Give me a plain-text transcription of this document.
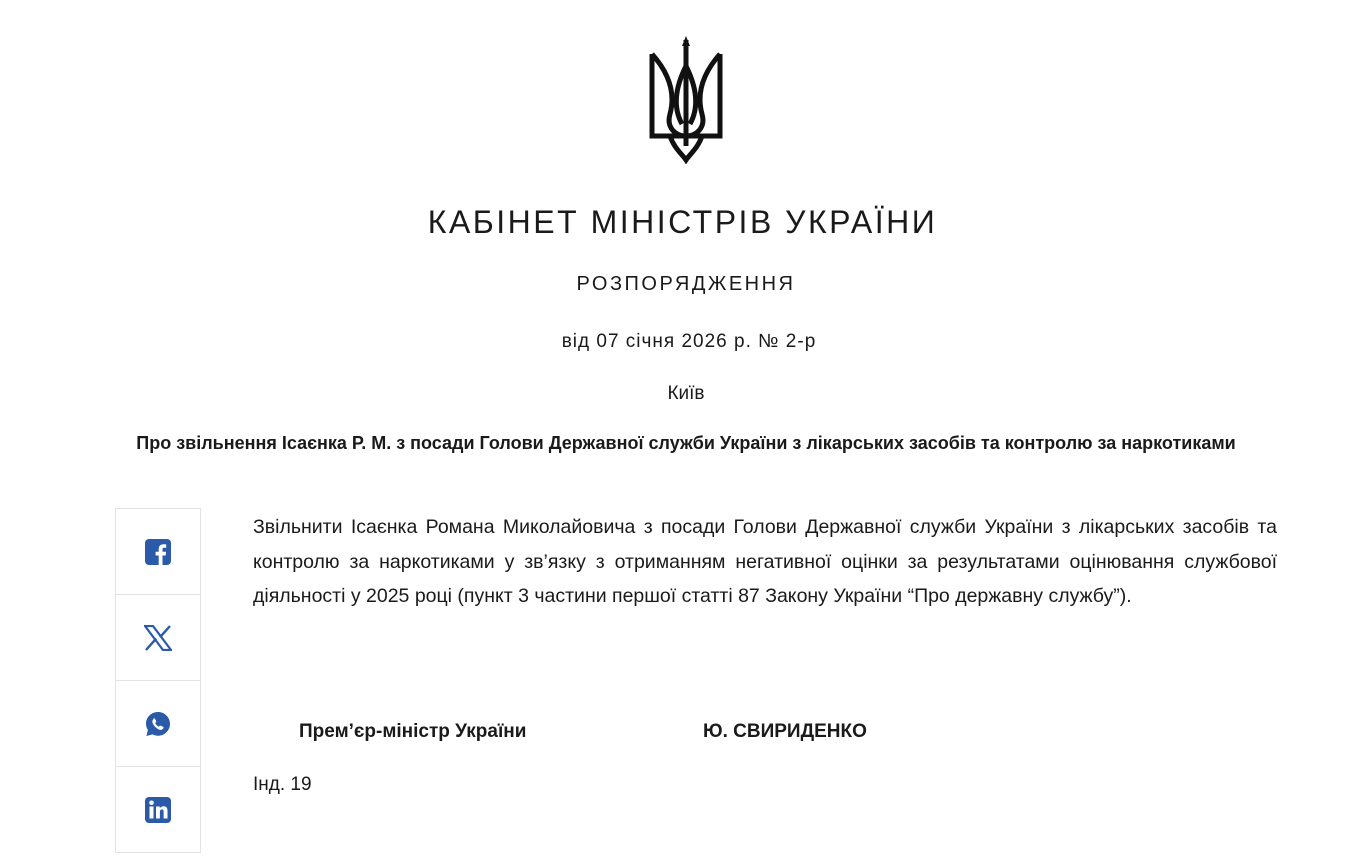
КАБІНЕТ МІНІСТРІВ УКРАЇНИ
РОЗПОРЯДЖЕННЯ
від 07 січня 2026 р. № 2-р
Київ
Про звільнення Ісаєнка Р. М. з посади Голови Державної служби України з лікарських засобів та контролю за наркотиками

Звільнити Ісаєнка Романа Миколайовича з посади Голови Державної служби України з лікарських засобів та контролю за наркотиками у зв’язку з отриманням негативної оцінки за результатами оцінювання службової діяльності у 2025 році (пункт 3 частини першої статті 87 Закону України “Про державну службу”).

Прем’єр-міністр України	Ю. СВИРИДЕНКО
Інд. 19
